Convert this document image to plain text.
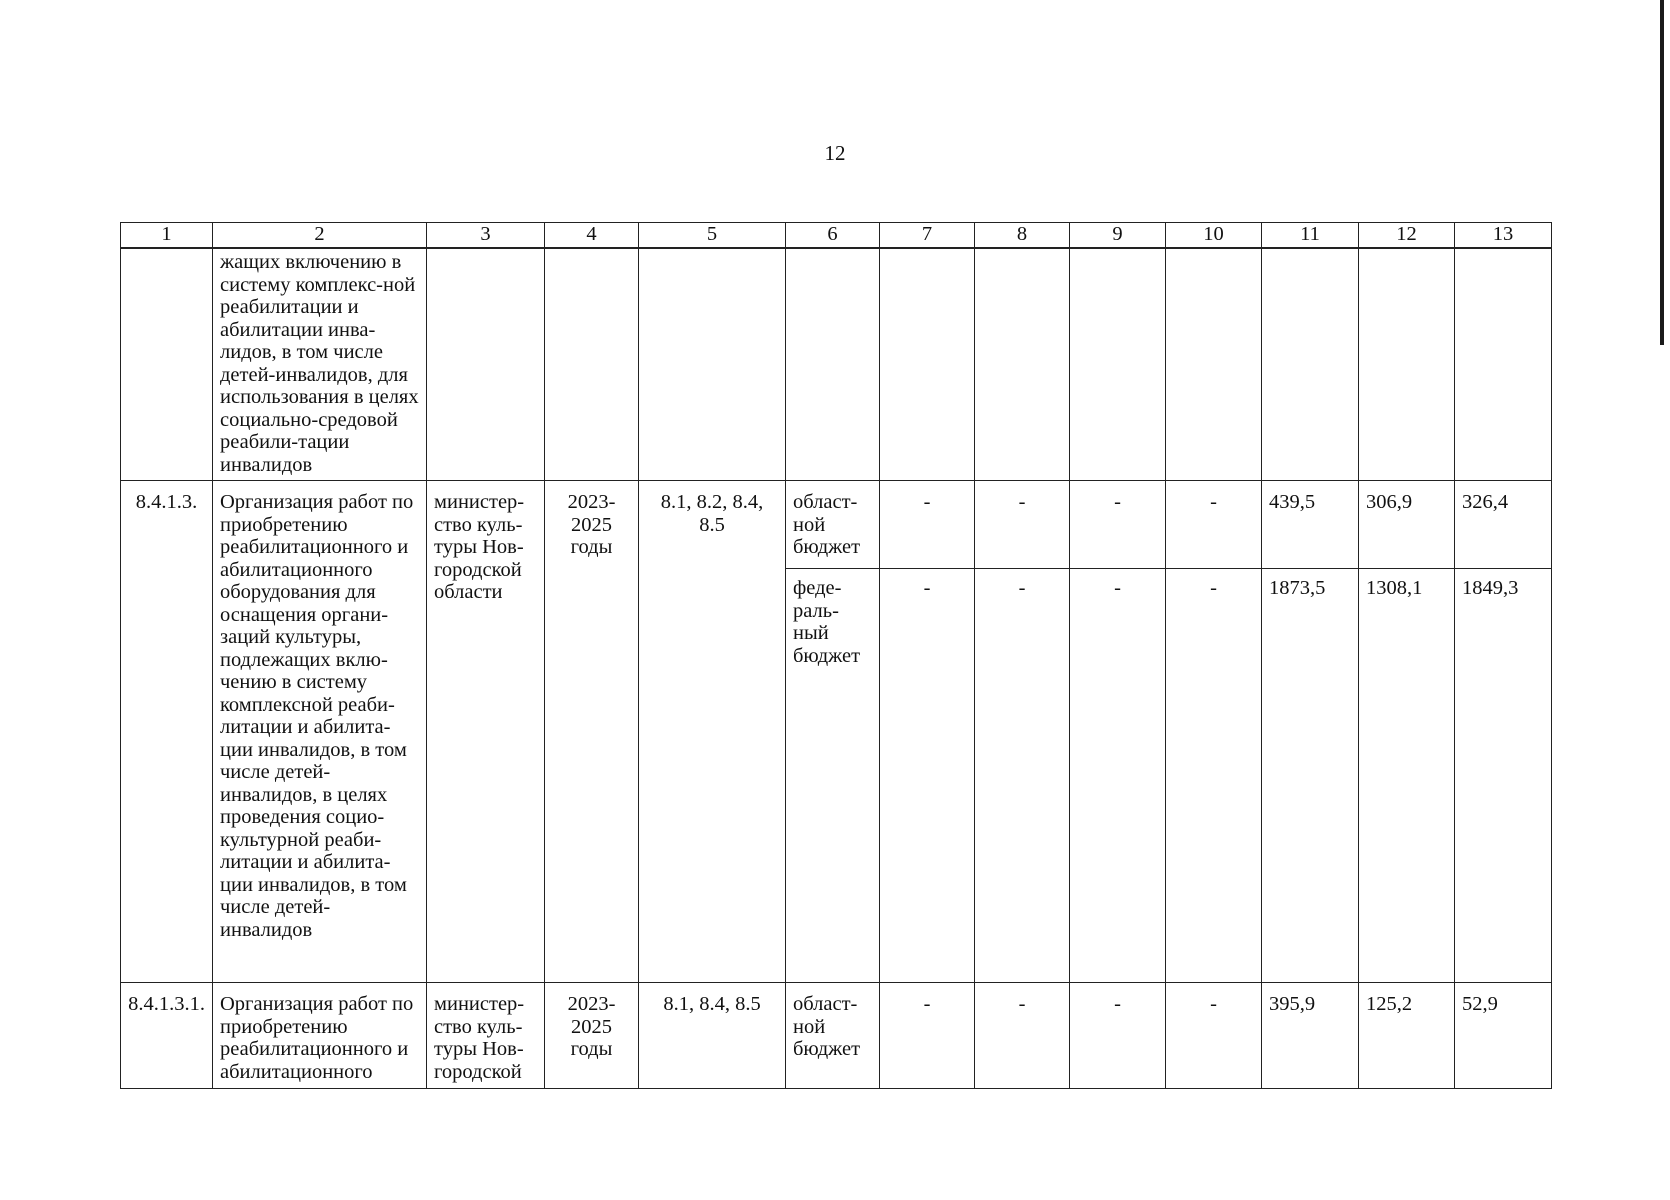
12
1	2	3	4	5	6	7	8	9	10	11	12	13
	жащих включению в систему комплекс-ной реабилитации и абилитации инва-лидов, в том числе детей-инвалидов, для использования в целях социально-средовой реабили-тации инвалидов											
8.4.1.3.	Организация работ по приобретению реабилитационного и абилитационного оборудования для оснащения органи-заций культуры, подлежащих вклю-чению в систему комплексной реаби-литации и абилита-ции инвалидов, в том числе детей-инвалидов, в целях проведения социо-культурной реаби-литации и абилита-ции инвалидов, в том числе детей-инвалидов	министер-ство куль-туры Нов-городской области	2023-2025 годы	8.1, 8.2, 8.4, 8.5	област-ной бюджет	-	-	-	-	439,5	306,9	326,4
					феде-раль-ный бюджет	-	-	-	-	1873,5	1308,1	1849,3
8.4.1.3.1.	Организация работ по приобретению реабилитационного и абилитационного	министер-ство куль-туры Нов-городской	2023-2025 годы	8.1, 8.4, 8.5	област-ной бюджет	-	-	-	-	395,9	125,2	52,9
